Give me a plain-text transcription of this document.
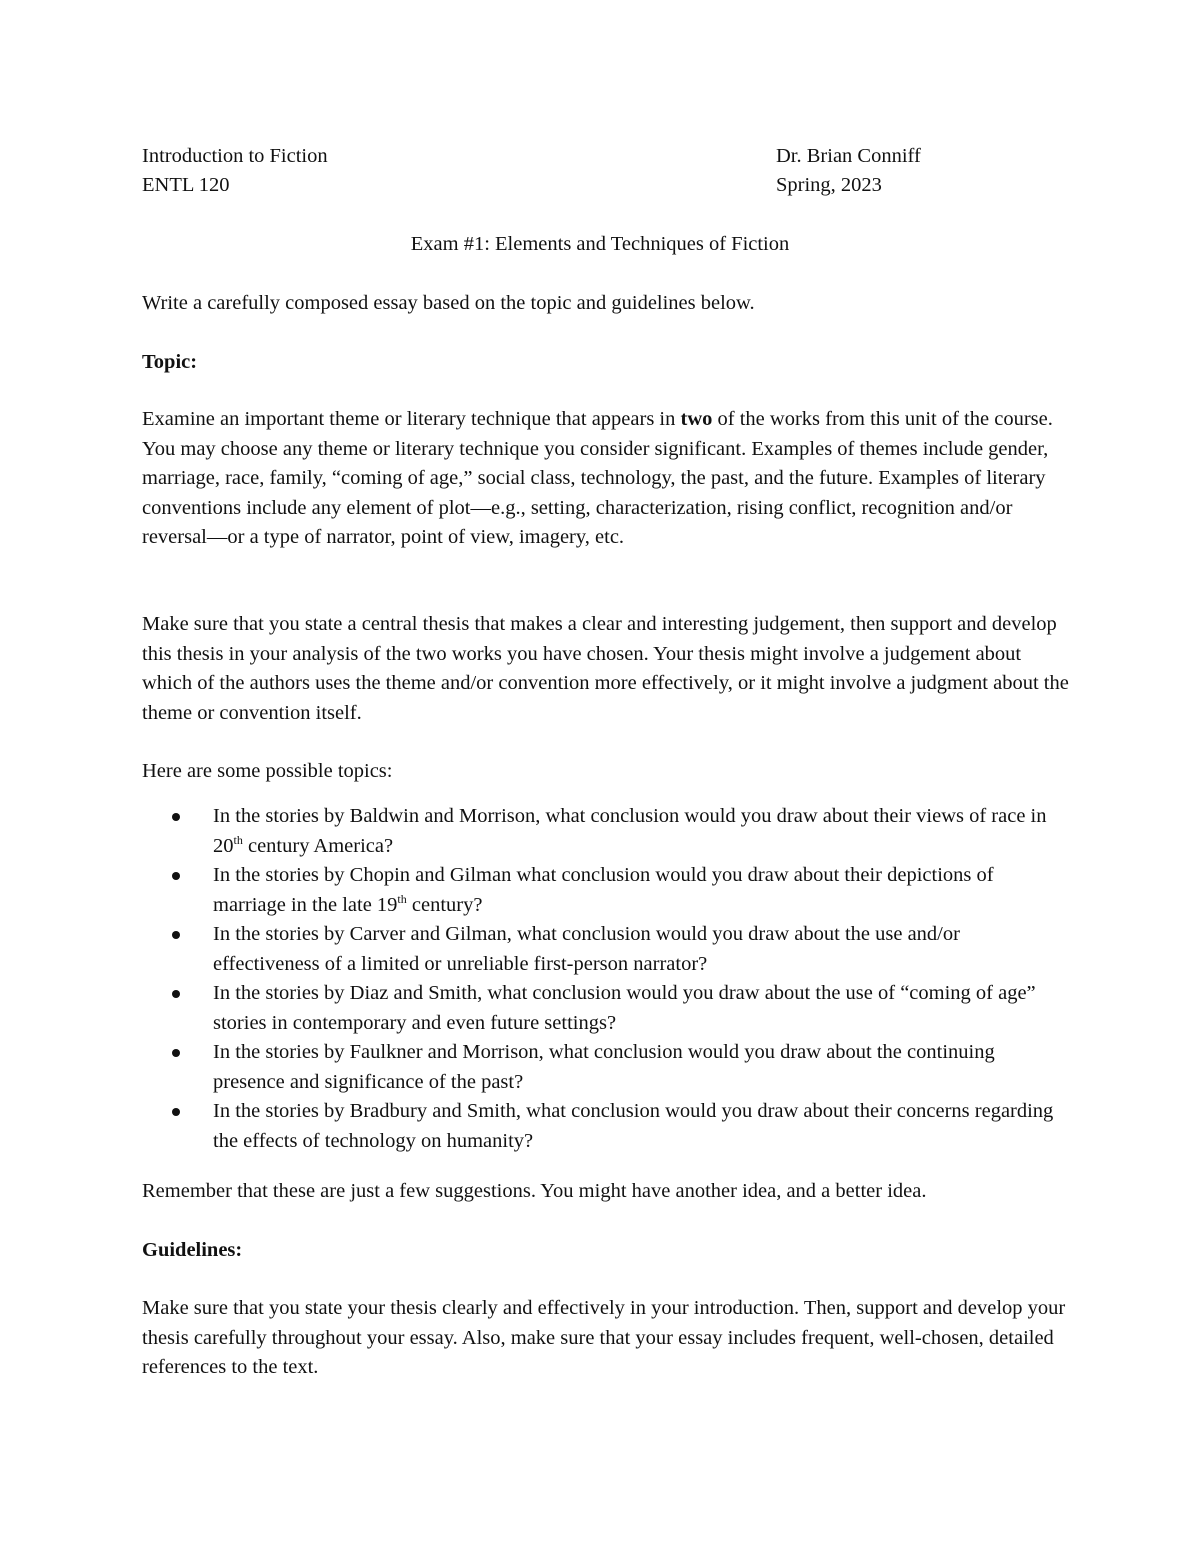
Introduction to Fiction
ENTL 120
Dr. Brian Conniff
Spring, 2023
Exam #1: Elements and Techniques of Fiction

Write a carefully composed essay based on the topic and guidelines below.

Topic:

Examine an important theme or literary technique that appears in two of the works from this unit of the course. You may choose any theme or literary technique you consider significant. Examples of themes include gender, marriage, race, family, “coming of age,” social class, technology, the past, and the future. Examples of literary conventions include any element of plot—e.g., setting, characterization, rising conflict, recognition and/or reversal—or a type of narrator, point of view, imagery, etc.

Make sure that you state a central thesis that makes a clear and interesting judgement, then support and develop this thesis in your analysis of the two works you have chosen. Your thesis might involve a judgement about which of the authors uses the theme and/or convention more effectively, or it might involve a judgment about the theme or convention itself.

Here are some possible topics:

In the stories by Baldwin and Morrison, what conclusion would you draw about their views of race in 20th century America?
In the stories by Chopin and Gilman what conclusion would you draw about their depictions of marriage in the late 19th century?
In the stories by Carver and Gilman, what conclusion would you draw about the use and/or effectiveness of a limited or unreliable first-person narrator?
In the stories by Diaz and Smith, what conclusion would you draw about the use of “coming of age” stories in contemporary and even future settings?
In the stories by Faulkner and Morrison, what conclusion would you draw about the continuing presence and significance of the past?
In the stories by Bradbury and Smith, what conclusion would you draw about their concerns regarding the effects of technology on humanity?

Remember that these are just a few suggestions. You might have another idea, and a better idea.

Guidelines:

Make sure that you state your thesis clearly and effectively in your introduction. Then, support and develop your thesis carefully throughout your essay. Also, make sure that your essay includes frequent, well-chosen, detailed references to the text.
